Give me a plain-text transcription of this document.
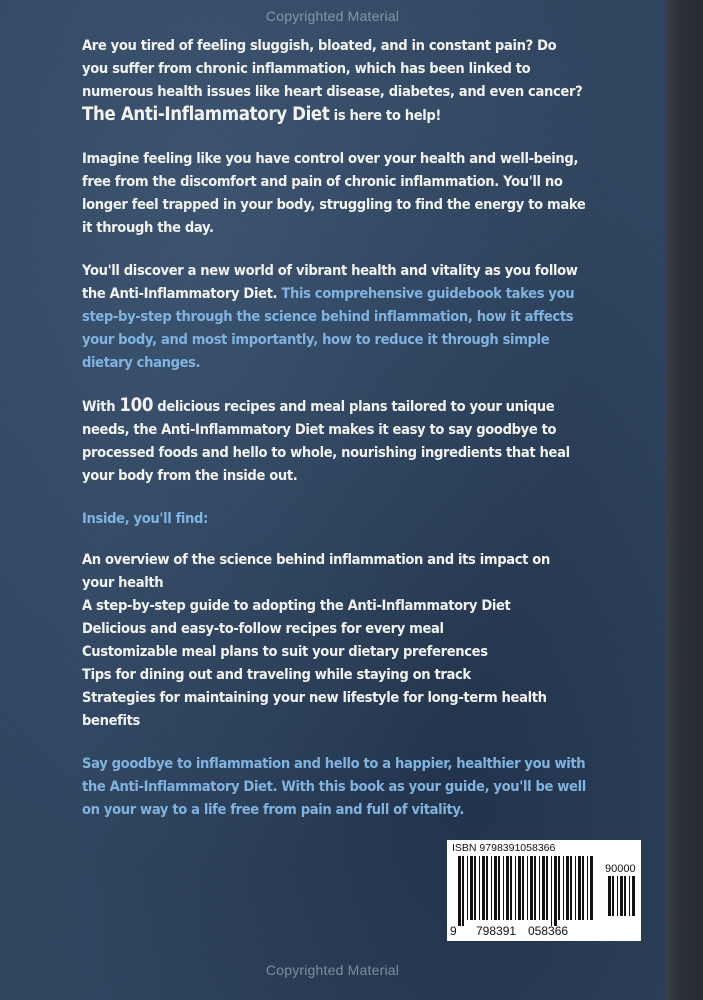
Copyrighted Material

Are you tired of feeling sluggish, bloated, and in constant pain? Do you suffer from chronic inflammation, which has been linked to numerous health issues like heart disease, diabetes, and even cancer?
The Anti-Inflammatory Diet is here to help!

Imagine feeling like you have control over your health and well-being, free from the discomfort and pain of chronic inflammation. You'll no longer feel trapped in your body, struggling to find the energy to make it through the day.

You'll discover a new world of vibrant health and vitality as you follow the Anti-Inflammatory Diet. This comprehensive guidebook takes you step-by-step through the science behind inflammation, how it affects your body, and most importantly, how to reduce it through simple dietary changes.

With 100 delicious recipes and meal plans tailored to your unique needs, the Anti-Inflammatory Diet makes it easy to say goodbye to processed foods and hello to whole, nourishing ingredients that heal your body from the inside out.

Inside, you'll find:

An overview of the science behind inflammation and its impact on your health
A step-by-step guide to adopting the Anti-Inflammatory Diet
Delicious and easy-to-follow recipes for every meal
Customizable meal plans to suit your dietary preferences
Tips for dining out and traveling while staying on track
Strategies for maintaining your new lifestyle for long-term health benefits

Say goodbye to inflammation and hello to a happier, healthier you with the Anti-Inflammatory Diet. With this book as your guide, you'll be well on your way to a life free from pain and full of vitality.

ISBN 9798391058366
90000
9 798391 058366
Copyrighted Material
